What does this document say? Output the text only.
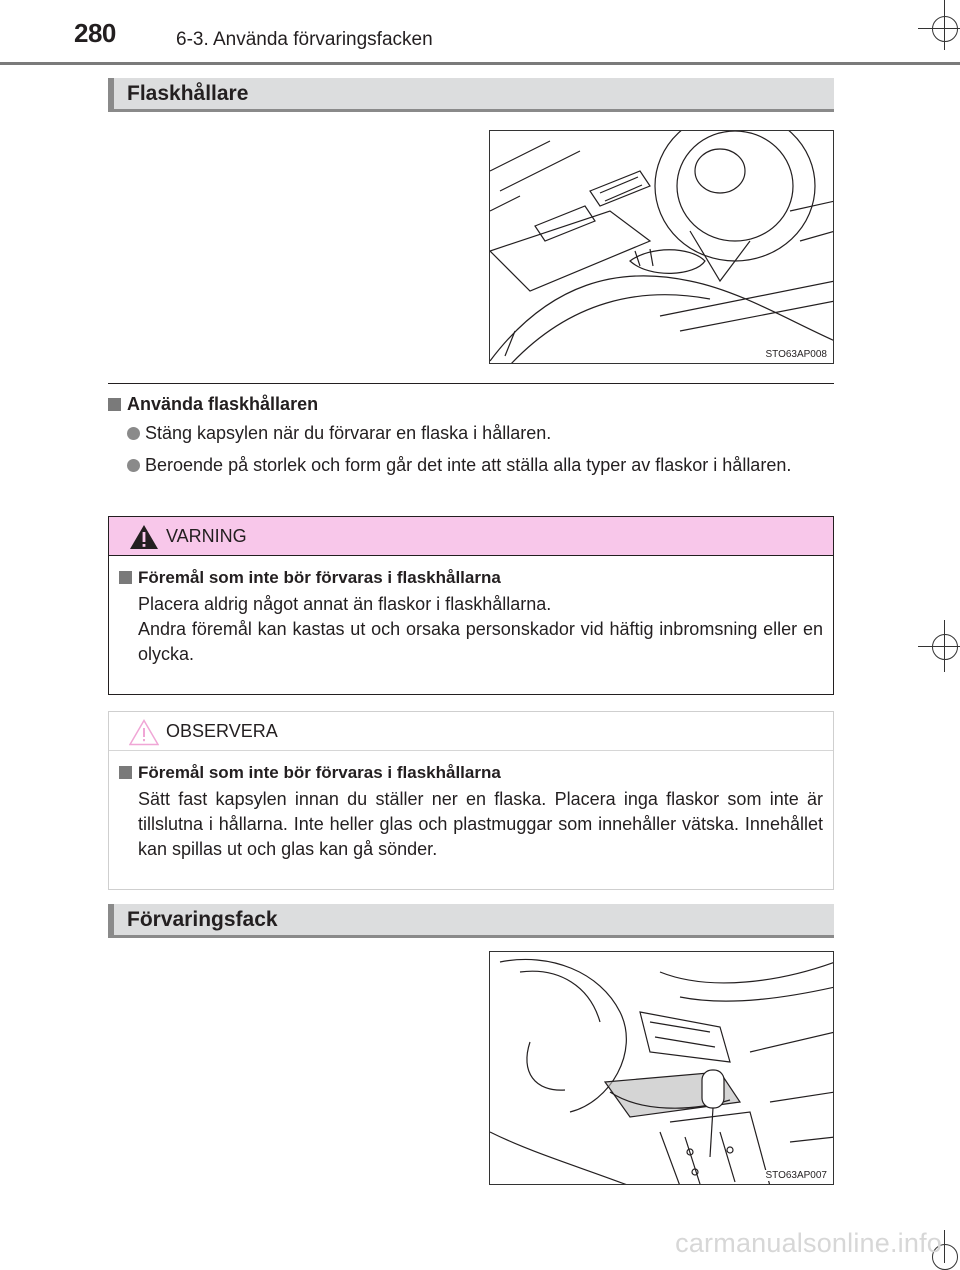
280	6-3. Använda förvaringsfacken
Flaskhållare
STO63AP008
Använda flaskhållaren
Stäng kapsylen när du förvarar en flaska i hållaren.
Beroende på storlek och form går det inte att ställa alla typer av flaskor i hållaren.
VARNING
Föremål som inte bör förvaras i flaskhållarna
Placera aldrig något annat än flaskor i flaskhållarna.
Andra föremål kan kastas ut och orsaka personskador vid häftig inbromsning eller en olycka.
OBSERVERA
Föremål som inte bör förvaras i flaskhållarna
Sätt fast kapsylen innan du ställer ner en flaska. Placera inga flaskor som inte är tillslutna i hållarna. Inte heller glas och plastmuggar som innehåller vätska. Innehållet kan spillas ut och glas kan gå sönder.
Förvaringsfack
STO63AP007
carmanualsonline.info
